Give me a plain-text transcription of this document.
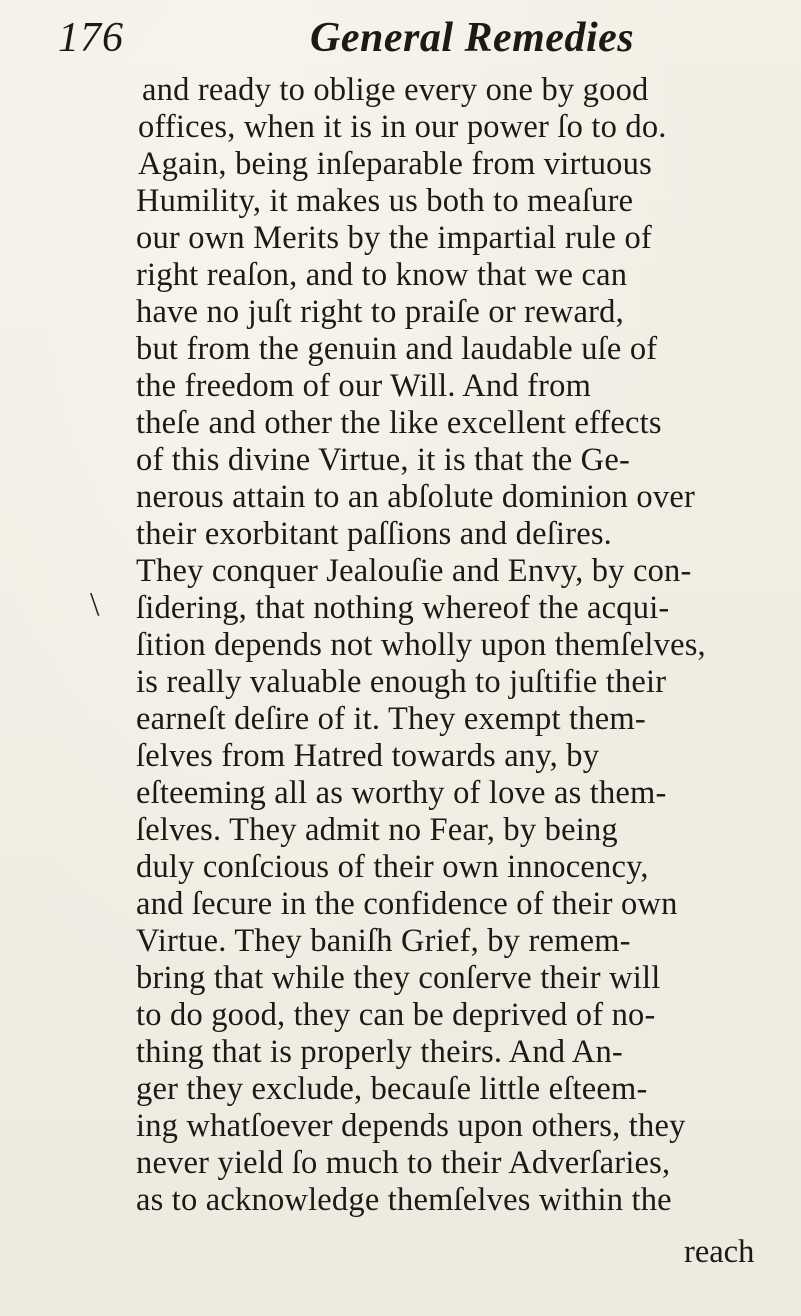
176	General Remedies
\
and ready to oblige every one by good
offices, when it is in our power ſo to do.
Again, being inſeparable from virtuous
Humility, it makes us both to meaſure
our own Merits by the impartial rule of
right reaſon, and to know that we can
have no juſt right to praiſe or reward,
but from the genuin and laudable uſe of
the freedom of our Will. And from
theſe and other the like excellent effects
of this divine Virtue, it is that the Ge-
nerous attain to an abſolute dominion over
their exorbitant paſſions and deſires.
They conquer Jealouſie and Envy, by con-
ſidering, that nothing whereof the acqui-
ſition depends not wholly upon themſelves,
is really valuable enough to juſtifie their
earneſt deſire of it. They exempt them-
ſelves from Hatred towards any, by
eſteeming all as worthy of love as them-
ſelves. They admit no Fear, by being
duly conſcious of their own innocency,
and ſecure in the confidence of their own
Virtue. They baniſh Grief, by remem-
bring that while they conſerve their will
to do good, they can be deprived of no-
thing that is properly theirs. And An-
ger they exclude, becauſe little eſteem-
ing whatſoever depends upon others, they
never yield ſo much to their Adverſaries,
as to acknowledge themſelves within the
reach
